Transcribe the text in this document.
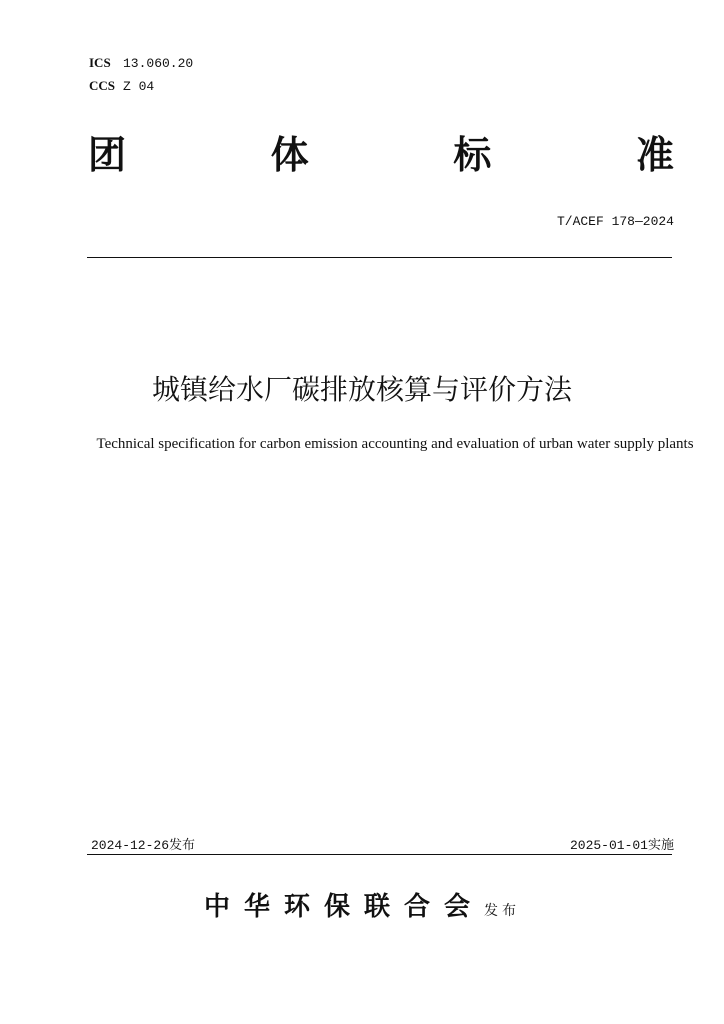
ICS 13.060.20
CCS Z 04
团	体	标	准
T/ACEF 178—2024
城镇给水厂碳排放核算与评价方法
Technical specification for carbon emission accounting and evaluation of urban water supply plants
2024-12-26发布	2025-01-01实施
中华环保联合会发布
